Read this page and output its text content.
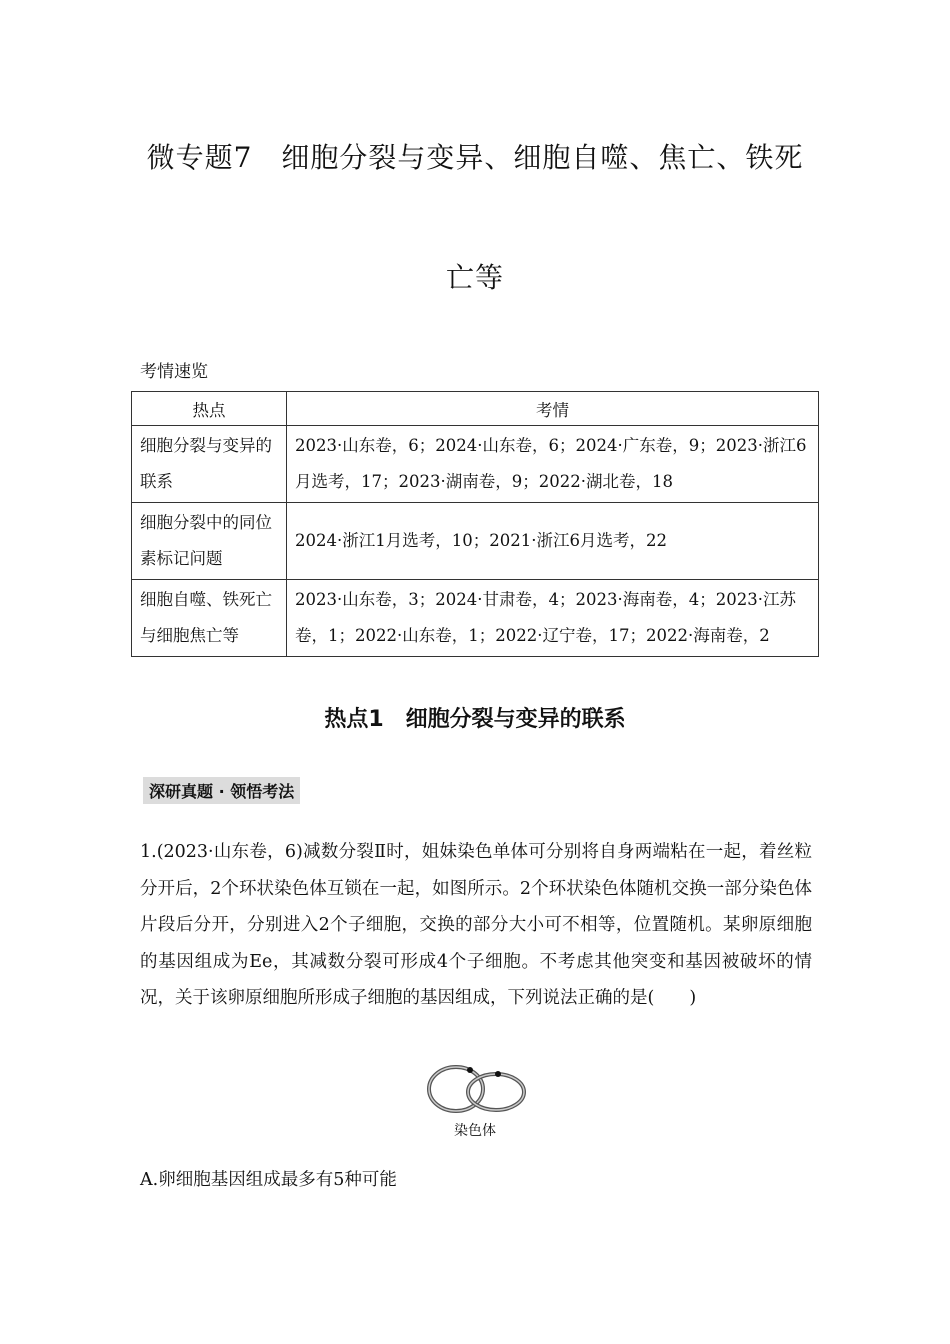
微专题7　细胞分裂与变异、细胞自噬、焦亡、铁死
亡等
考情速览
热点	考情
细胞分裂与变异的联系	2023·山东卷，6；2024·山东卷，6；2024·广东卷，9；2023·浙江6月选考，17；2023·湖南卷，9；2022·湖北卷，18
细胞分裂中的同位素标记问题	2024·浙江1月选考，10；2021·浙江6月选考，22
细胞自噬、铁死亡与细胞焦亡等	2023·山东卷，3；2024·甘肃卷，4；2023·海南卷，4；2023·江苏卷，1；2022·山东卷，1；2022·辽宁卷，17；2022·海南卷，2
热点1　细胞分裂与变异的联系
深研真题 · 领悟考法
1.(2023·山东卷，6)减数分裂Ⅱ时，姐妹染色单体可分别将自身两端粘在一起，着丝粒分开后，2个环状染色体互锁在一起，如图所示。2个环状染色体随机交换一部分染色体片段后分开，分别进入2个子细胞，交换的部分大小可不相等，位置随机。某卵原细胞的基因组成为Ee，其减数分裂可形成4个子细胞。不考虑其他突变和基因被破坏的情况，关于该卵原细胞所形成子细胞的基因组成，下列说法正确的是(　　)
染色体
A.卵细胞基因组成最多有5种可能
